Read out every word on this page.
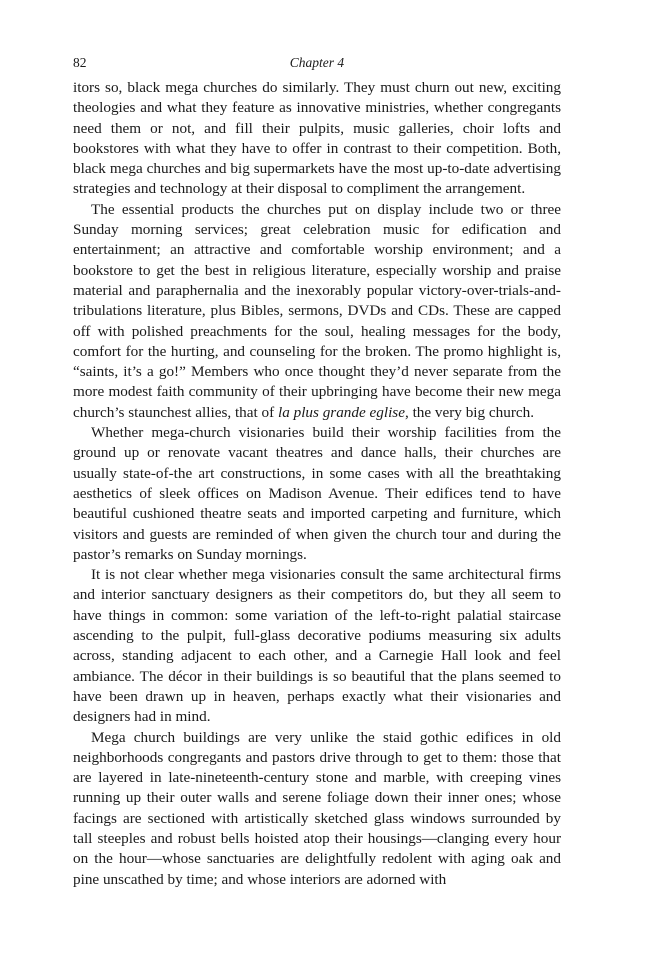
82	Chapter 4

itors so, black mega churches do similarly. They must churn out new, exciting theologies and what they feature as innovative ministries, whether congregants need them or not, and fill their pulpits, music galleries, choir lofts and bookstores with what they have to offer in contrast to their competition. Both, black mega churches and big supermarkets have the most up-to-date advertising strategies and technology at their disposal to compliment the arrangement.

The essential products the churches put on display include two or three Sunday morning services; great celebration music for edification and entertainment; an attractive and comfortable worship environment; and a bookstore to get the best in religious literature, especially worship and praise material and paraphernalia and the inexorably popular victory-over-trials-and-tribulations literature, plus Bibles, sermons, DVDs and CDs. These are capped off with polished preachments for the soul, healing messages for the body, comfort for the hurting, and counseling for the broken. The promo highlight is, “saints, it’s a go!” Members who once thought they’d never separate from the more modest faith community of their upbringing have become their new mega church’s staunchest allies, that of la plus grande eglise, the very big church.

Whether mega-church visionaries build their worship facilities from the ground up or renovate vacant theatres and dance halls, their churches are usually state-of-the art constructions, in some cases with all the breathtaking aesthetics of sleek offices on Madison Avenue. Their edifices tend to have beautiful cushioned theatre seats and imported carpeting and furniture, which visitors and guests are reminded of when given the church tour and during the pastor’s remarks on Sunday mornings.

It is not clear whether mega visionaries consult the same architectural firms and interior sanctuary designers as their competitors do, but they all seem to have things in common: some variation of the left-to-right palatial staircase ascending to the pulpit, full-glass decorative podiums measuring six adults across, standing adjacent to each other, and a Carnegie Hall look and feel ambiance. The décor in their buildings is so beautiful that the plans seemed to have been drawn up in heaven, perhaps exactly what their visionaries and designers had in mind.

Mega church buildings are very unlike the staid gothic edifices in old neighborhoods congregants and pastors drive through to get to them: those that are layered in late-nineteenth-century stone and marble, with creeping vines running up their outer walls and serene foliage down their inner ones; whose facings are sectioned with artistically sketched glass windows surrounded by tall steeples and robust bells hoisted atop their housings—clanging every hour on the hour—whose sanctuaries are delightfully redolent with aging oak and pine unscathed by time; and whose interiors are adorned with
